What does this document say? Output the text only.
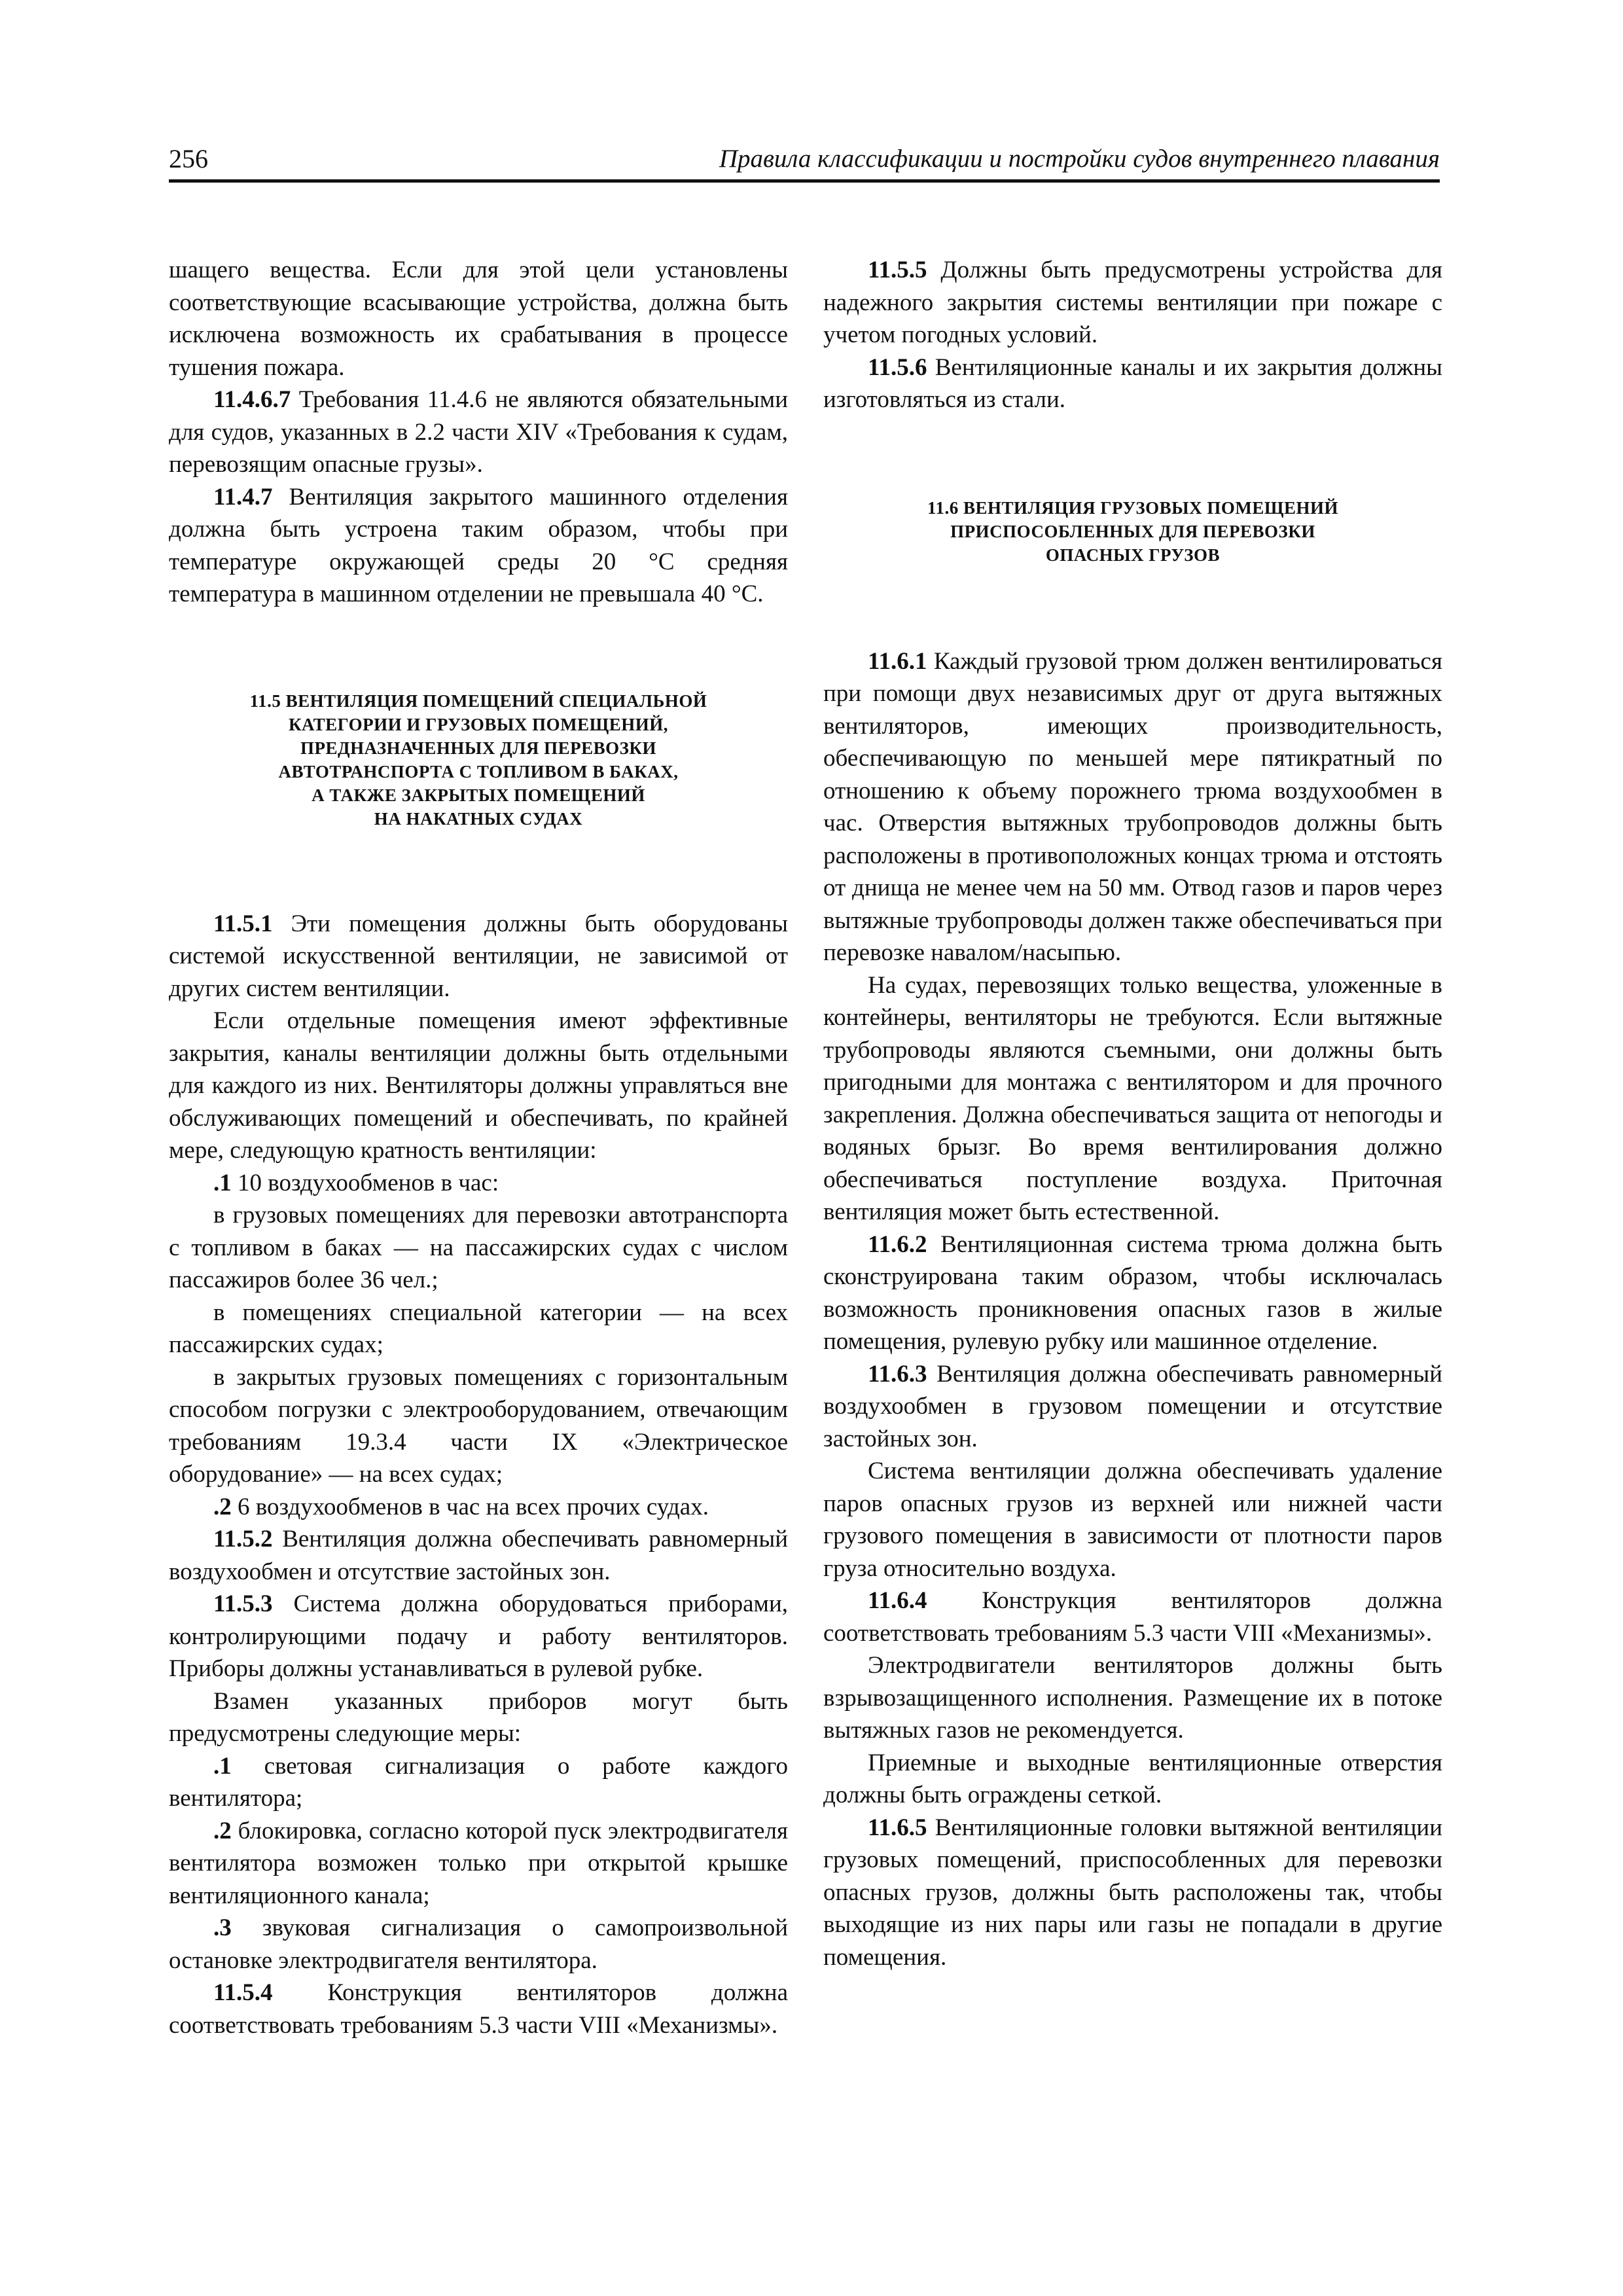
256	Правила классификации и постройки судов внутреннего плавания

шащего вещества. Если для этой цели установлены соответствующие всасывающие устройства, должна быть исключена возможность их срабатывания в процессе тушения пожара.

11.4.6.7 Требования 11.4.6 не являются обязательными для судов, указанных в 2.2 части XIV «Требования к судам, перевозящим опасные грузы».

11.4.7 Вентиляция закрытого машинного отделения должна быть устроена таким образом, чтобы при температуре окружающей среды 20 °С средняя температура в машинном отделении не превышала 40 °С.

11.5 ВЕНТИЛЯЦИЯ ПОМЕЩЕНИЙ СПЕЦИАЛЬНОЙ
КАТЕГОРИИ И ГРУЗОВЫХ ПОМЕЩЕНИЙ,
ПРЕДНАЗНАЧЕННЫХ ДЛЯ ПЕРЕВОЗКИ
АВТОТРАНСПОРТА С ТОПЛИВОМ В БАКАХ,
А ТАКЖЕ ЗАКРЫТЫХ ПОМЕЩЕНИЙ
НА НАКАТНЫХ СУДАХ

11.5.1 Эти помещения должны быть оборудованы системой искусственной вентиляции, не зависимой от других систем вентиляции.

Если отдельные помещения имеют эффективные закрытия, каналы вентиляции должны быть отдельными для каждого из них. Вентиляторы должны управляться вне обслуживающих помещений и обеспечивать, по крайней мере, следующую кратность вентиляции:

.1 10 воздухообменов в час:

в грузовых помещениях для перевозки автотранспорта с топливом в баках — на пассажирских судах с числом пассажиров более 36 чел.;

в помещениях специальной категории — на всех пассажирских судах;

в закрытых грузовых помещениях с горизонтальным способом погрузки с электрооборудованием, отвечающим требованиям 19.3.4 части IX «Электрическое оборудование» — на всех судах;

.2 6 воздухообменов в час на всех прочих судах.

11.5.2 Вентиляция должна обеспечивать равномерный воздухообмен и отсутствие застойных зон.

11.5.3 Система должна оборудоваться приборами, контролирующими подачу и работу вентиляторов. Приборы должны устанавливаться в рулевой рубке.

Взамен указанных приборов могут быть предусмотрены следующие меры:

.1 световая сигнализация о работе каждого вентилятора;

.2 блокировка, согласно которой пуск электродвигателя вентилятора возможен только при открытой крышке вентиляционного канала;

.3 звуковая сигнализация о самопроизвольной остановке электродвигателя вентилятора.

11.5.4 Конструкция вентиляторов должна соответствовать требованиям 5.3 части VIII «Механизмы».

11.5.5 Должны быть предусмотрены устройства для надежного закрытия системы вентиляции при пожаре с учетом погодных условий.

11.5.6 Вентиляционные каналы и их закрытия должны изготовляться из стали.

11.6 ВЕНТИЛЯЦИЯ ГРУЗОВЫХ ПОМЕЩЕНИЙ
ПРИСПОСОБЛЕННЫХ ДЛЯ ПЕРЕВОЗКИ
ОПАСНЫХ ГРУЗОВ

11.6.1 Каждый грузовой трюм должен вентилироваться при помощи двух независимых друг от друга вытяжных вентиляторов, имеющих производительность, обеспечивающую по меньшей мере пятикратный по отношению к объему порожнего трюма воздухообмен в час. Отверстия вытяжных трубопроводов должны быть расположены в противоположных концах трюма и отстоять от днища не менее чем на 50 мм. Отвод газов и паров через вытяжные трубопроводы должен также обеспечиваться при перевозке навалом/насыпью.

На судах, перевозящих только вещества, уложенные в контейнеры, вентиляторы не требуются. Если вытяжные трубопроводы являются съемными, они должны быть пригодными для монтажа с вентилятором и для прочного закрепления. Должна обеспечиваться защита от непогоды и водяных брызг. Во время вентилирования должно обеспечиваться поступление воздуха. Приточная вентиляция может быть естественной.

11.6.2 Вентиляционная система трюма должна быть сконструирована таким образом, чтобы исключалась возможность проникновения опасных газов в жилые помещения, рулевую рубку или машинное отделение.

11.6.3 Вентиляция должна обеспечивать равномерный воздухообмен в грузовом помещении и отсутствие застойных зон.

Система вентиляции должна обеспечивать удаление паров опасных грузов из верхней или нижней части грузового помещения в зависимости от плотности паров груза относительно воздуха.

11.6.4 Конструкция вентиляторов должна соответствовать требованиям 5.3 части VIII «Механизмы».

Электродвигатели вентиляторов должны быть взрывозащищенного исполнения. Размещение их в потоке вытяжных газов не рекомендуется.

Приемные и выходные вентиляционные отверстия должны быть ограждены сеткой.

11.6.5 Вентиляционные головки вытяжной вентиляции грузовых помещений, приспособленных для перевозки опасных грузов, должны быть расположены так, чтобы выходящие из них пары или газы не попадали в другие помещения.
